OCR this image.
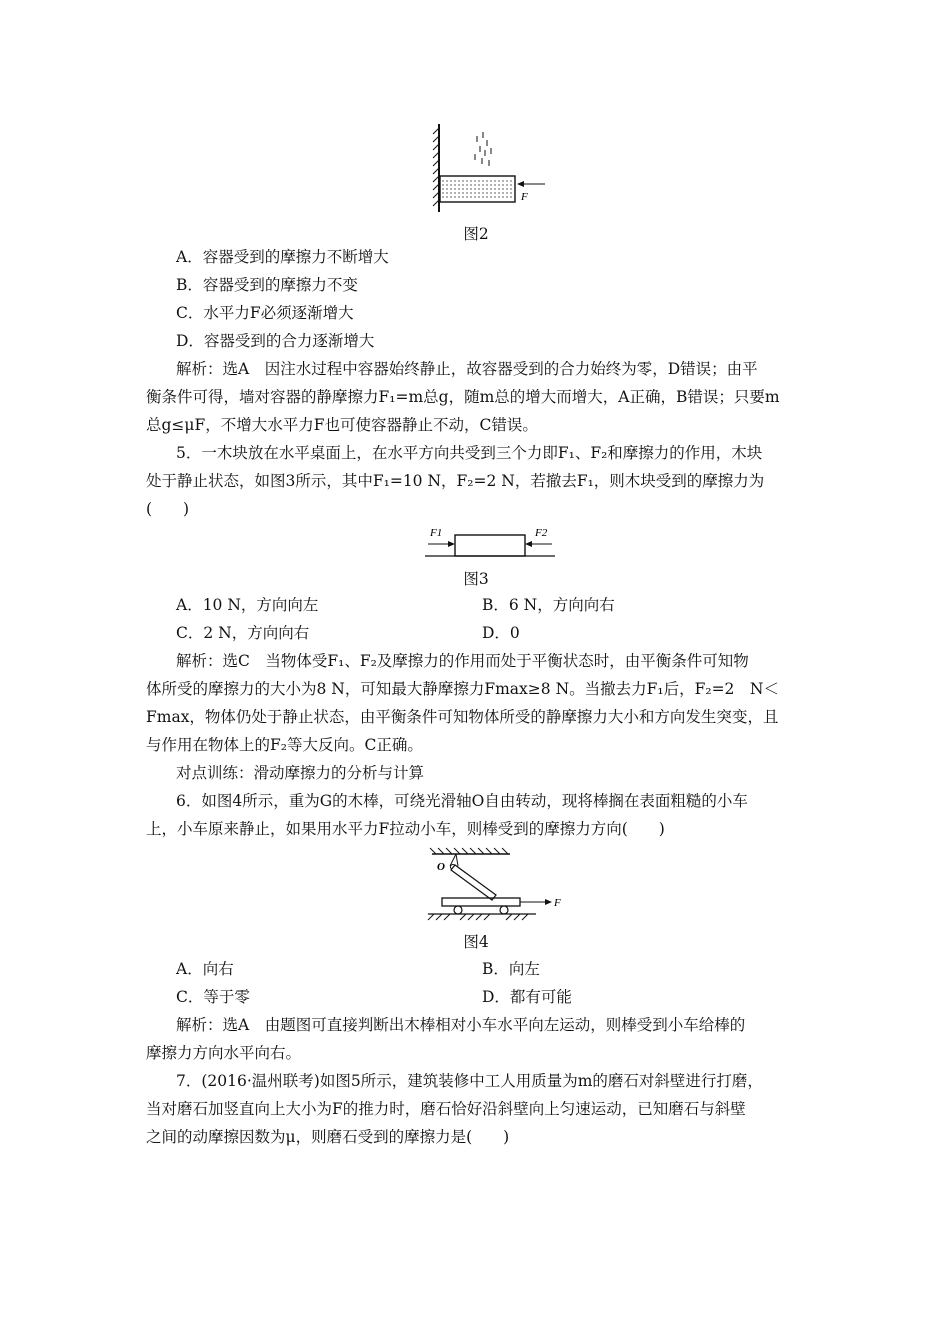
F
图2
A．容器受到的摩擦力不断增大
B．容器受到的摩擦力不变
C．水平力F必须逐渐增大
D．容器受到的合力逐渐增大
解析：选A　因注水过程中容器始终静止，故容器受到的合力始终为零，D错误；由平
衡条件可得，墙对容器的静摩擦力F₁=m总g，随m总的增大而增大，A正确，B错误；只要m
总g≤μF，不增大水平力F也可使容器静止不动，C错误。
5．一木块放在水平桌面上，在水平方向共受到三个力即F₁、F₂和摩擦力的作用，木块
处于静止状态，如图3所示，其中F₁=10 N，F₂=2 N，若撤去F₁，则木块受到的摩擦力为
(　　)
F1	F2
图3
A．10 N，方向向左	B．6 N，方向向右
C．2 N，方向向右	D．0
解析：选C　当物体受F₁、F₂及摩擦力的作用而处于平衡状态时，由平衡条件可知物
体所受的摩擦力的大小为8 N，可知最大静摩擦力Fmax≥8 N。当撤去力F₁后，F₂=2　N＜
Fmax，物体仍处于静止状态，由平衡条件可知物体所受的静摩擦力大小和方向发生突变，且
与作用在物体上的F₂等大反向。C正确。
对点训练：滑动摩擦力的分析与计算
6．如图4所示，重为G的木棒，可绕光滑轴O自由转动，现将棒搁在表面粗糙的小车
上，小车原来静止，如果用水平力F拉动小车，则棒受到的摩擦力方向(　　)
F
O
图4
A．向右	B．向左
C．等于零	D．都有可能
解析：选A　由题图可直接判断出木棒相对小车水平向左运动，则棒受到小车给棒的
摩擦力方向水平向右。
7．(2016·温州联考)如图5所示，建筑装修中工人用质量为m的磨石对斜壁进行打磨，
当对磨石加竖直向上大小为F的推力时，磨石恰好沿斜壁向上匀速运动，已知磨石与斜壁
之间的动摩擦因数为μ，则磨石受到的摩擦力是(　　)
